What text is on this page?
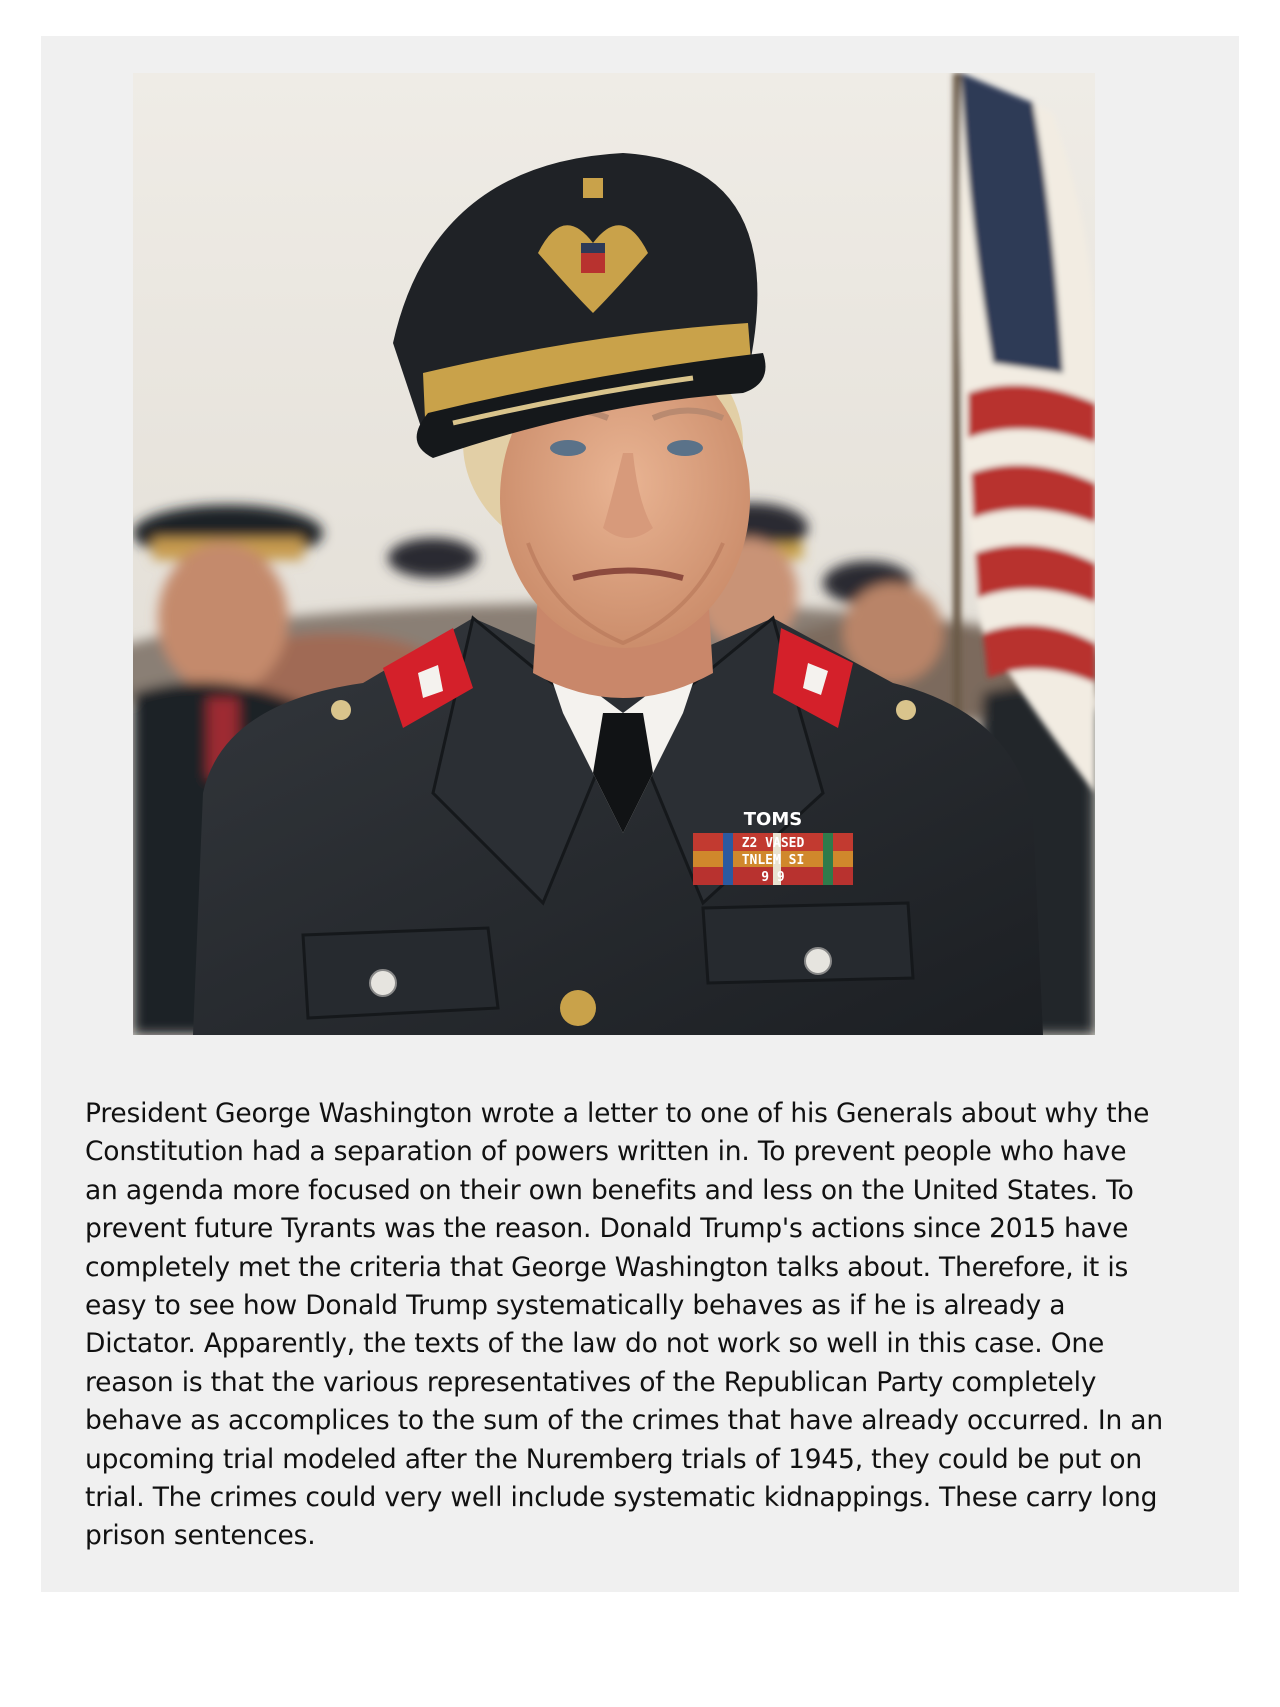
TOMS
Z2 VASED
TNLEM SI
9 9

President George Washington wrote a letter to one of his Generals about why the
Constitution had a separation of powers written in. To prevent people who have
an agenda more focused on their own benefits and less on the United States. To
prevent future Tyrants was the reason. Donald Trump's actions since 2015 have
completely met the criteria that George Washington talks about. Therefore, it is
easy to see how Donald Trump systematically behaves as if he is already a
Dictator. Apparently, the texts of the law do not work so well in this case. One
reason is that the various representatives of the Republican Party completely
behave as accomplices to the sum of the crimes that have already occurred. In an
upcoming trial modeled after the Nuremberg trials of 1945, they could be put on
trial. The crimes could very well include systematic kidnappings. These carry long
prison sentences.
